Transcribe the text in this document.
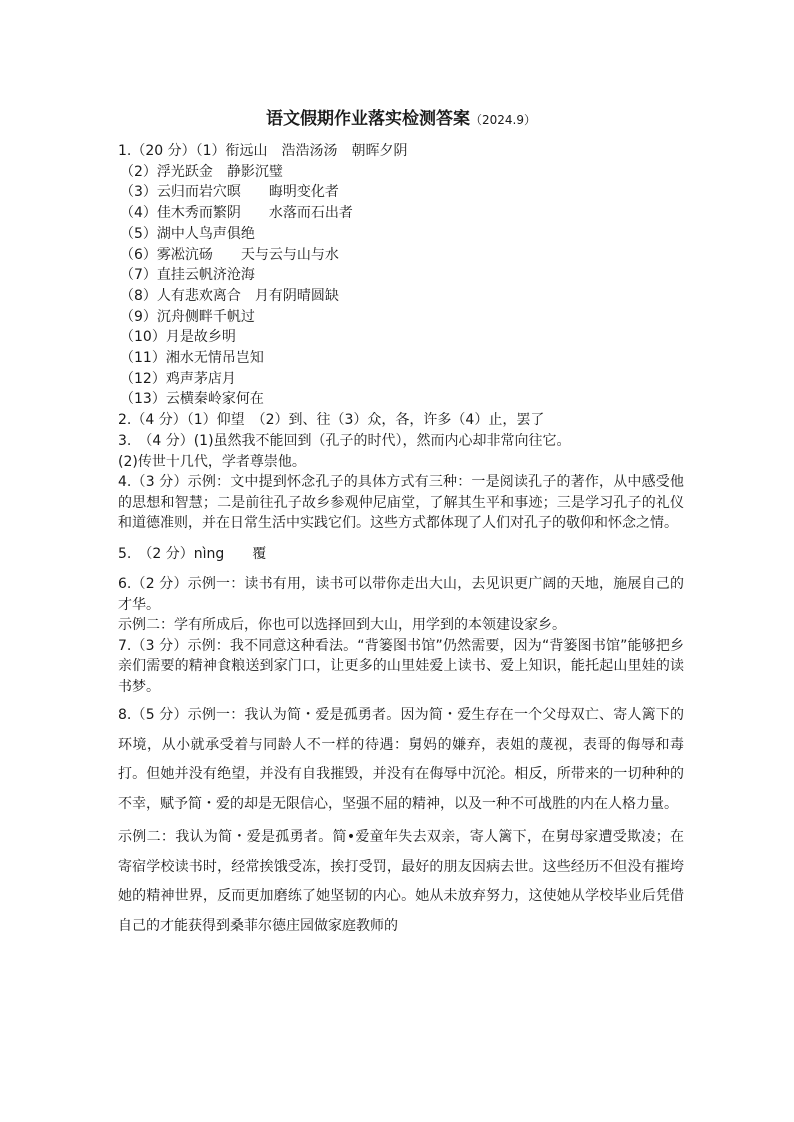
语文假期作业落实检测答案（2024.9）

1.（20 分）（1）衔远山　浩浩汤汤　朝晖夕阴

（2）浮光跃金　静影沉璧

（3）云归而岩穴暝　　晦明变化者

（4）佳木秀而繁阴　　水落而石出者

（5）湖中人鸟声俱绝

（6）雾凇沆砀　　天与云与山与水

（7）直挂云帆济沧海

（8）人有悲欢离合　月有阴晴圆缺

（9）沉舟侧畔千帆过

（10）月是故乡明

（11）湘水无情吊岂知

（12）鸡声茅店月

（13）云横秦岭家何在

2.（4 分）（1）仰望　（2）到、往（3）众，各，许多（4）止，罢了

3.　（4 分）(1)虽然我不能回到（孔子的时代），然而内心却非常向往它。

(2)传世十几代，学者尊崇他。

4.（3 分）示例：文中提到怀念孔子的具体方式有三种：一是阅读孔子的著作，从中感受他的思想和智慧；二是前往孔子故乡参观仲尼庙堂，了解其生平和事迹；三是学习孔子的礼仪和道德准则，并在日常生活中实践它们。这些方式都体现了人们对孔子的敬仰和怀念之情。

5.　（2 分）nìng　　覆

6.（2 分）示例一：读书有用，读书可以带你走出大山，去见识更广阔的天地，施展自己的才华。

示例二：学有所成后，你也可以选择回到大山，用学到的本领建设家乡。

7.（3 分）示例：我不同意这种看法。“背篓图书馆”仍然需要，因为“背篓图书馆”能够把乡亲们需要的精神食粮送到家门口，让更多的山里娃爱上读书、爱上知识，能托起山里娃的读书梦。

8.（5 分）示例一：我认为简・爱是孤勇者。因为简・爱生存在一个父母双亡、寄人篱下的环境，从小就承受着与同龄人不一样的待遇：舅妈的嫌弃，表姐的蔑视，表哥的侮辱和毒打。但她并没有绝望，并没有自我摧毁，并没有在侮辱中沉沦。相反，所带来的一切种种的不幸，赋予简・爱的却是无限信心，坚强不屈的精神，以及一种不可战胜的内在人格力量。

示例二：我认为简・爱是孤勇者。简•爱童年失去双亲，寄人篱下，在舅母家遭受欺凌；在寄宿学校读书时，经常挨饿受冻，挨打受罚，最好的朋友因病去世。这些经历不但没有摧垮她的精神世界，反而更加磨练了她坚韧的内心。她从未放弃努力，这使她从学校毕业后凭借自己的才能获得到桑菲尔德庄园做家庭教师的
